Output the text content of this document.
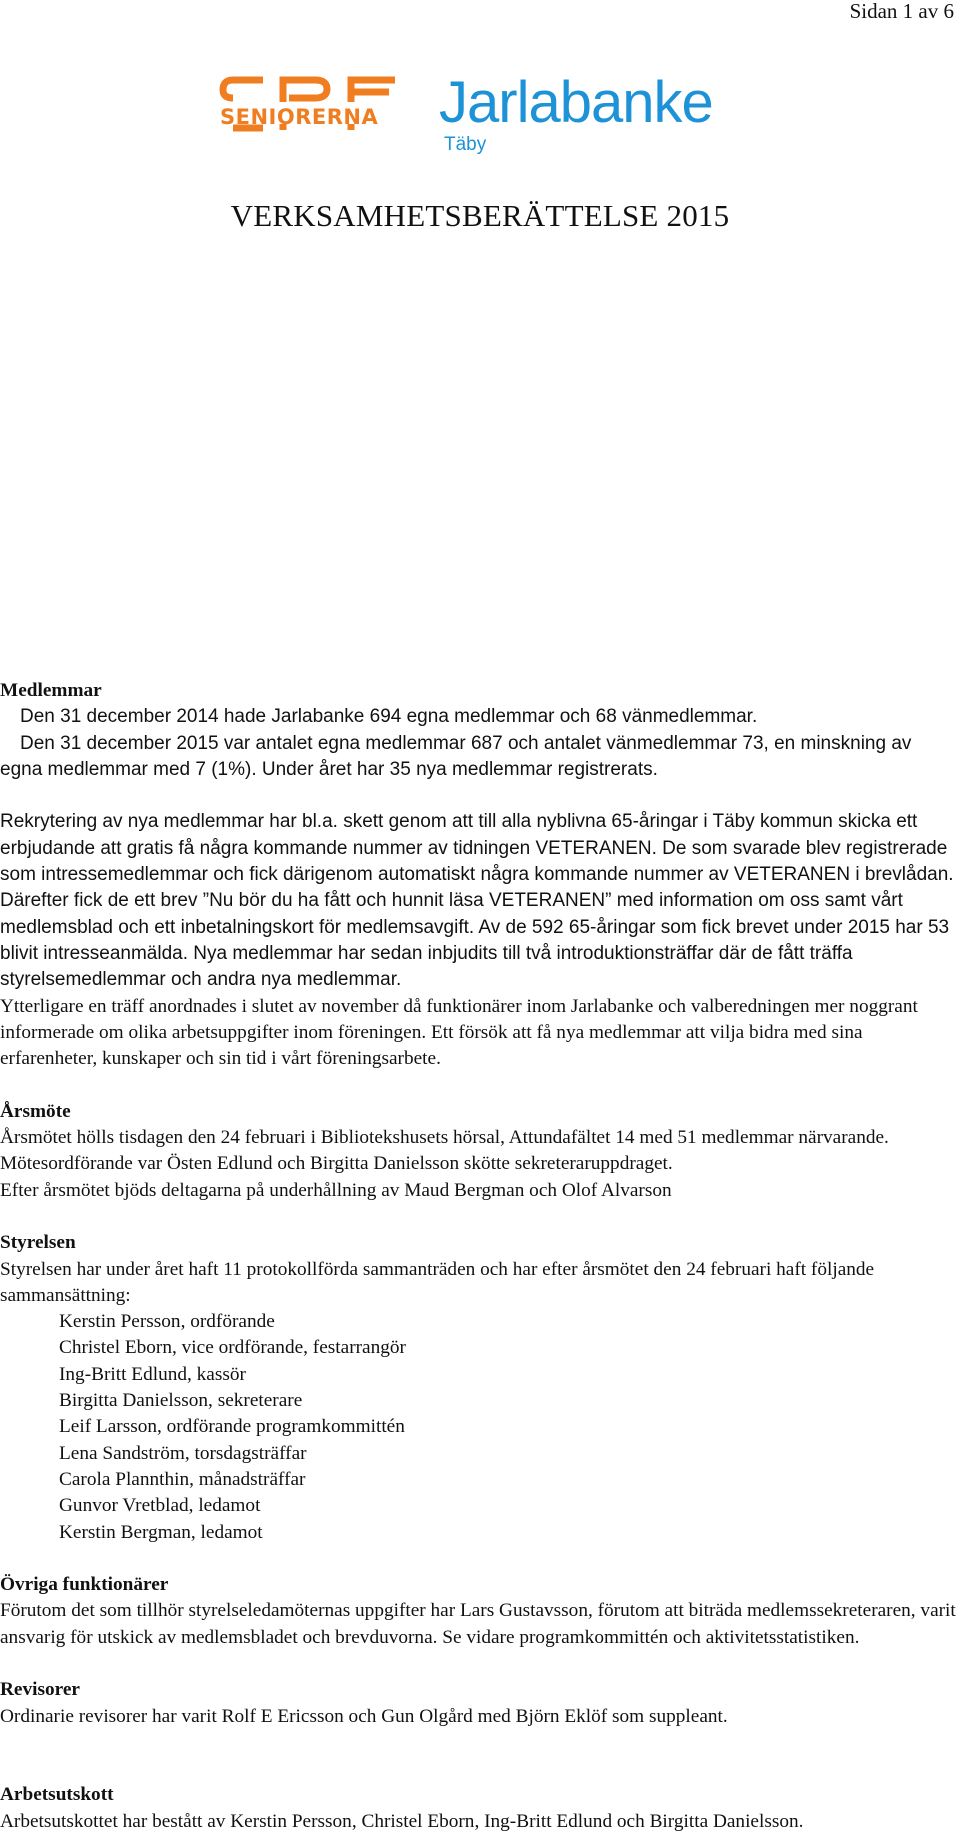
Sidan 1 av 6
SENIORERNA Jarlabanke
Täby
VERKSAMHETSBERÄTTELSE 2015
Medlemmar

Den 31 december 2014 hade Jarlabanke 694 egna medlemmar och 68 vänmedlemmar.

Den 31 december 2015 var antalet egna medlemmar 687 och antalet vänmedlemmar 73, en minskning av egna medlemmar med 7 (1%). Under året har 35 nya medlemmar registrerats.

Rekrytering av nya medlemmar har bl.a. skett genom att till alla nyblivna 65-åringar i Täby kommun skicka ett erbjudande att gratis få några kommande nummer av tidningen VETERANEN. De som svarade blev registrerade som intressemedlemmar och fick därigenom automatiskt några kommande nummer av VETERANEN i brevlådan. Därefter fick de ett brev ”Nu bör du ha fått och hunnit läsa VETERANEN” med information om oss samt vårt medlemsblad och ett inbetalningskort för medlemsavgift. Av de 592 65-åringar som fick brevet under 2015 har 53 blivit intresseanmälda. Nya medlemmar har sedan inbjudits till två introduktionsträffar där de fått träffa styrelsemedlemmar och andra nya medlemmar.

Ytterligare en träff anordnades i slutet av november då funktionärer inom Jarlabanke och valberedningen mer noggrant informerade om olika arbetsuppgifter inom föreningen. Ett försök att få nya medlemmar att vilja bidra med sina erfarenheter, kunskaper och sin tid i vårt föreningsarbete.

Årsmöte

Årsmötet hölls tisdagen den 24 februari i Bibliotekshusets hörsal, Attundafältet 14 med 51 medlemmar närvarande. Mötesordförande var Östen Edlund och Birgitta Danielsson skötte sekreteraruppdraget.

Efter årsmötet bjöds deltagarna på underhållning av Maud Bergman och Olof Alvarson

Styrelsen

Styrelsen har under året haft 11 protokollförda sammanträden och har efter årsmötet den 24 februari haft följande sammansättning:

Kerstin Persson, ordförande
Christel Eborn, vice ordförande, festarrangör
Ing-Britt Edlund, kassör
Birgitta Danielsson, sekreterare
Leif Larsson, ordförande programkommittén
Lena Sandström, torsdagsträffar
Carola Plannthin, månadsträffar
Gunvor Vretblad, ledamot
Kerstin Bergman, ledamot
Övriga funktionärer

Förutom det som tillhör styrelseledamöternas uppgifter har Lars Gustavsson, förutom att biträda medlemssekreteraren, varit ansvarig för utskick av medlemsbladet och brevduvorna. Se vidare programkommittén och aktivitetsstatistiken.

Revisorer

Ordinarie revisorer har varit Rolf E Ericsson och Gun Olgård med Björn Eklöf som suppleant.

Arbetsutskott

Arbetsutskottet har bestått av Kerstin Persson, Christel Eborn, Ing-Britt Edlund och Birgitta Danielsson.
